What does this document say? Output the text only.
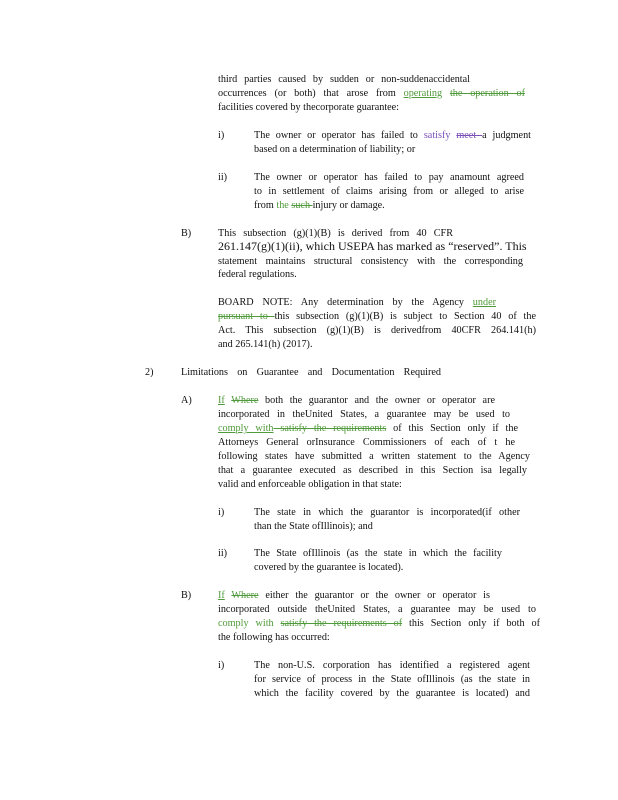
third parties caused by sudden or non-suddenaccidental
occurrences (or both) that arose from operating the operation of
facilities covered by thecorporate guarantee:
i)	The owner or operator has failed to satisfy meet a judgment
based on a determination of liability; or
ii)	The owner or operator has failed to pay anamount agreed
to in settlement of claims arising from or alleged to arise
from the such injury or damage.
B)	This subsection (g)(1)(B) is derived from 40 CFR
261.147(g)(1)(ii), which USEPA has marked as “reserved”. This
statement maintains structural consistency with the corresponding
federal regulations.
BOARD NOTE: Any determination by the Agency under
pursuant to this subsection (g)(1)(B) is subject to Section 40 of the
Act. This subsection (g)(1)(B) is derivedfrom 40CFR 264.141(h)
and 265.141(h) (2017).
2)	Limitations on Guarantee and Documentation Required
A)	If Where both the guarantor and the owner or operator are
incorporated in theUnited States, a guarantee may be used to
comply with satisfy the requirements of this Section only if the
Attorneys General orInsurance Commissioners of each of t he
following states have submitted a written statement to the Agency
that a guarantee executed as described in this Section isa legally
valid and enforceable obligation in that state:
i)	The state in which the guarantor is incorporated(if other
than the State ofIllinois); and
ii)	The State ofIllinois (as the state in which the facility
covered by the guarantee is located).
B)	If Where either the guarantor or the owner or operator is
incorporated outside theUnited States, a guarantee may be used to
comply with satisfy the requirements of this Section only if both of
the following has occurred:
i)	The non-U.S. corporation has identified a registered agent
for service of process in the State ofIllinois (as the state in
which the facility covered by the guarantee is located) and
